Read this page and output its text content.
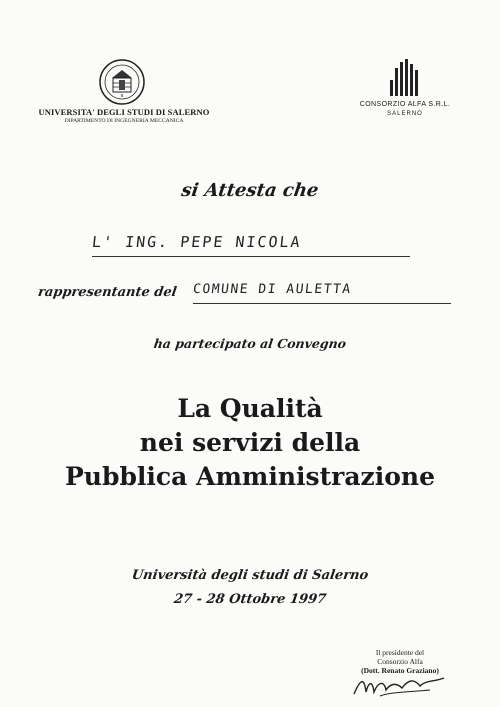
UNIVERSITA' DEGLI STUDI DI SALERNO
DIPARTIMENTO DI INGEGNERIA MECCANICA
CONSORZIO ALFA S.R.L.
SALERNO
si Attesta che
L' ING. PEPE NICOLA
rappresentante del COMUNE DI AULETTA
ha partecipato al Convegno
La Qualità
nei servizi della
Pubblica Amministrazione
Università degli studi di Salerno
27 - 28 Ottobre 1997
Il presidente del
Consorzio Alfa
(Dott. Renato Graziano)
